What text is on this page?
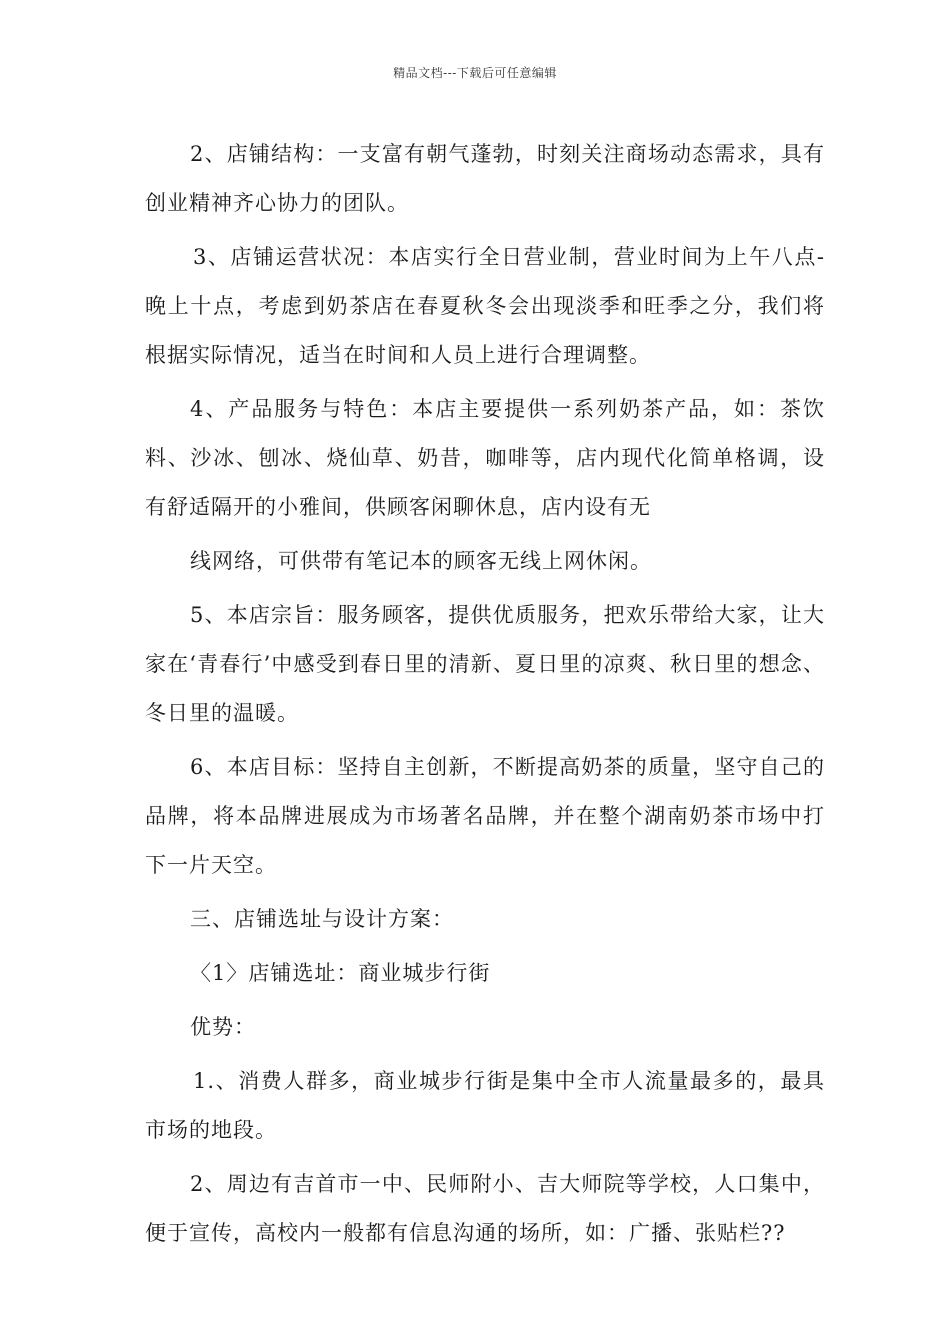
精品文档---下载后可任意编辑

2、店铺结构：一支富有朝气蓬勃，时刻关注商场动态需求，具有创业精神齐心协力的团队。

3、店铺运营状况：本店实行全日营业制，营业时间为上午八点-晚上十点，考虑到奶茶店在春夏秋冬会出现淡季和旺季之分，我们将根据实际情况，适当在时间和人员上进行合理调整。

4、产品服务与特色：本店主要提供一系列奶茶产品，如：茶饮料、沙冰、刨冰、烧仙草、奶昔，咖啡等，店内现代化简单格调，设有舒适隔开的小雅间，供顾客闲聊休息，店内设有无

线网络，可供带有笔记本的顾客无线上网休闲。

5、本店宗旨：服务顾客，提供优质服务，把欢乐带给大家，让大家在‘青春行’中感受到春日里的清新、夏日里的凉爽、秋日里的想念、冬日里的温暖。

6、本店目标：坚持自主创新，不断提高奶茶的质量，坚守自己的品牌，将本品牌进展成为市场著名品牌，并在整个湖南奶茶市场中打下一片天空。

三、店铺选址与设计方案：

〈1〉店铺选址：商业城步行街

优势：

1.、消费人群多，商业城步行街是集中全市人流量最多的，最具市场的地段。

2、周边有吉首市一中、民师附小、吉大师院等学校，人口集中，便于宣传，高校内一般都有信息沟通的场所，如：广播、张贴栏??
